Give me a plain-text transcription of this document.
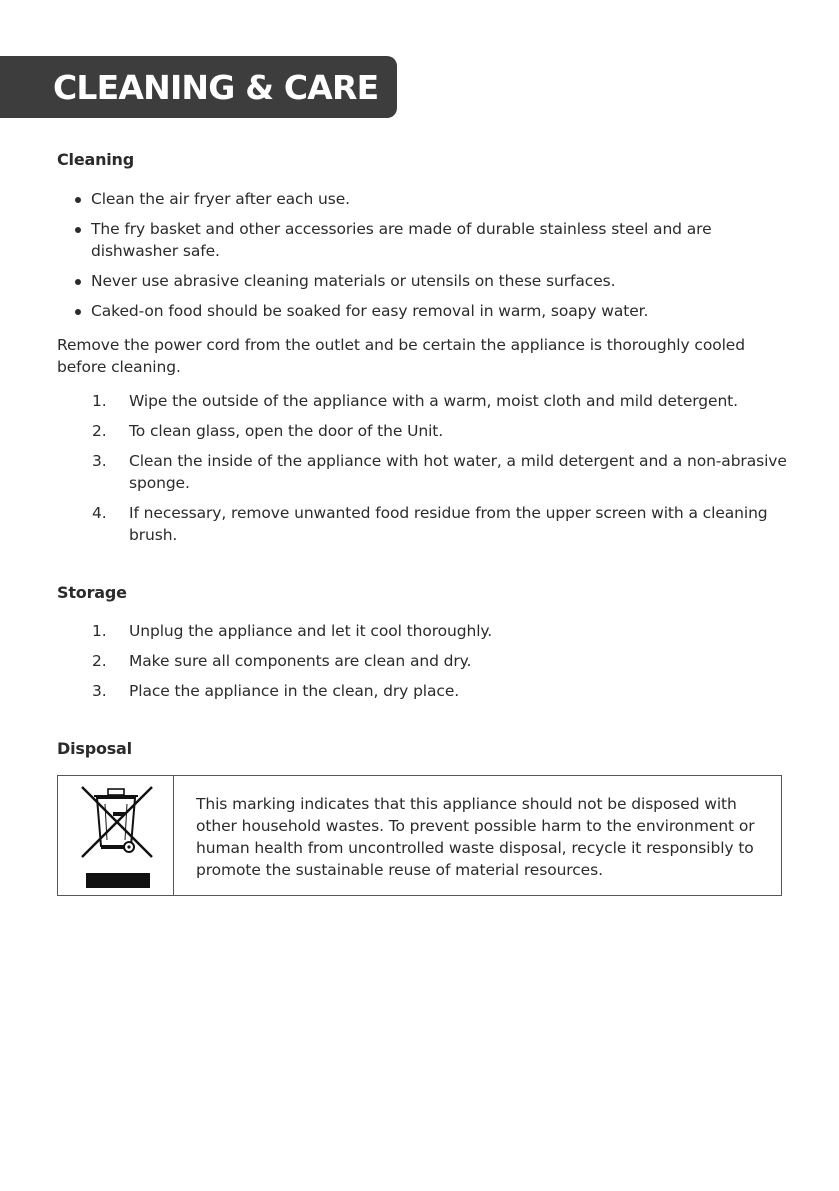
CLEANING & CARE
Cleaning
Clean the air fryer after each use.
The fry basket and other accessories are made of durable stainless steel and are dishwasher safe.
Never use abrasive cleaning materials or utensils on these surfaces.
Caked-on food should be soaked for easy removal in warm, soapy water.
Remove the power cord from the outlet and be certain the appliance is thoroughly cooled before cleaning.
1. Wipe the outside of the appliance with a warm, moist cloth and mild detergent.
2. To clean glass, open the door of the Unit.
3. Clean the inside of the appliance with hot water, a mild detergent and a non-abrasive sponge.
4. If necessary, remove unwanted food residue from the upper screen with a cleaning brush.
Storage
1. Unplug the appliance and let it cool thoroughly.
2. Make sure all components are clean and dry.
3. Place the appliance in the clean, dry place.
Disposal
This marking indicates that this appliance should not be disposed with other household wastes. To prevent possible harm to the environment or human health from uncontrolled waste disposal, recycle it responsibly to promote the sustainable reuse of material resources.
